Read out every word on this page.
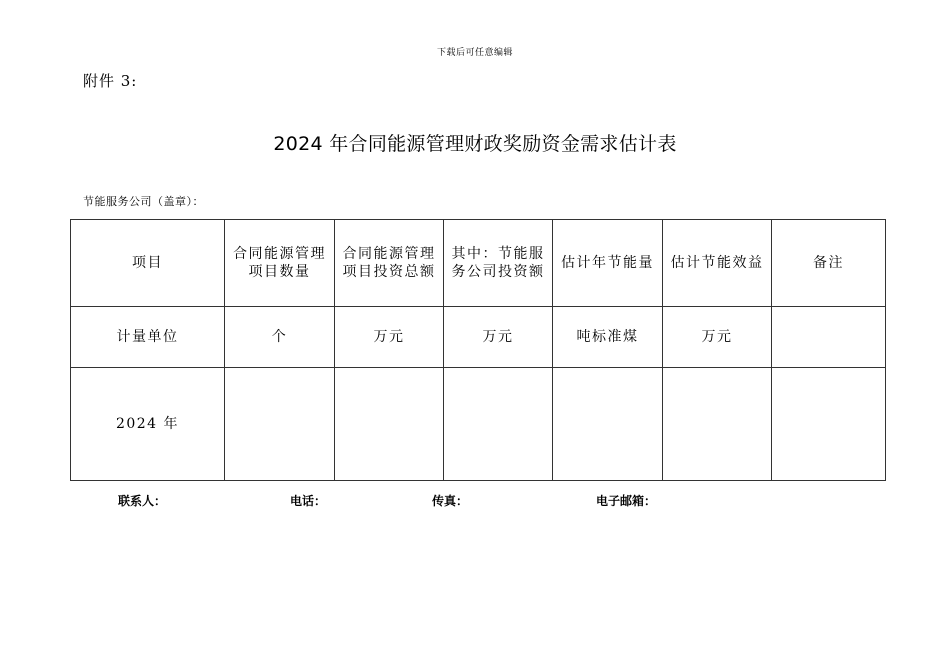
下载后可任意编辑
附件 3:
2024 年合同能源管理财政奖励资金需求估计表
节能服务公司（盖章）：
项目	合同能源管理项目数量	合同能源管理项目投资总额	其中：节能服务公司投资额	估计年节能量	估计节能效益	备注
计量单位	个	万元	万元	吨标准煤	万元	
2024 年						
联系人：	电话：	传真：	电子邮箱：
